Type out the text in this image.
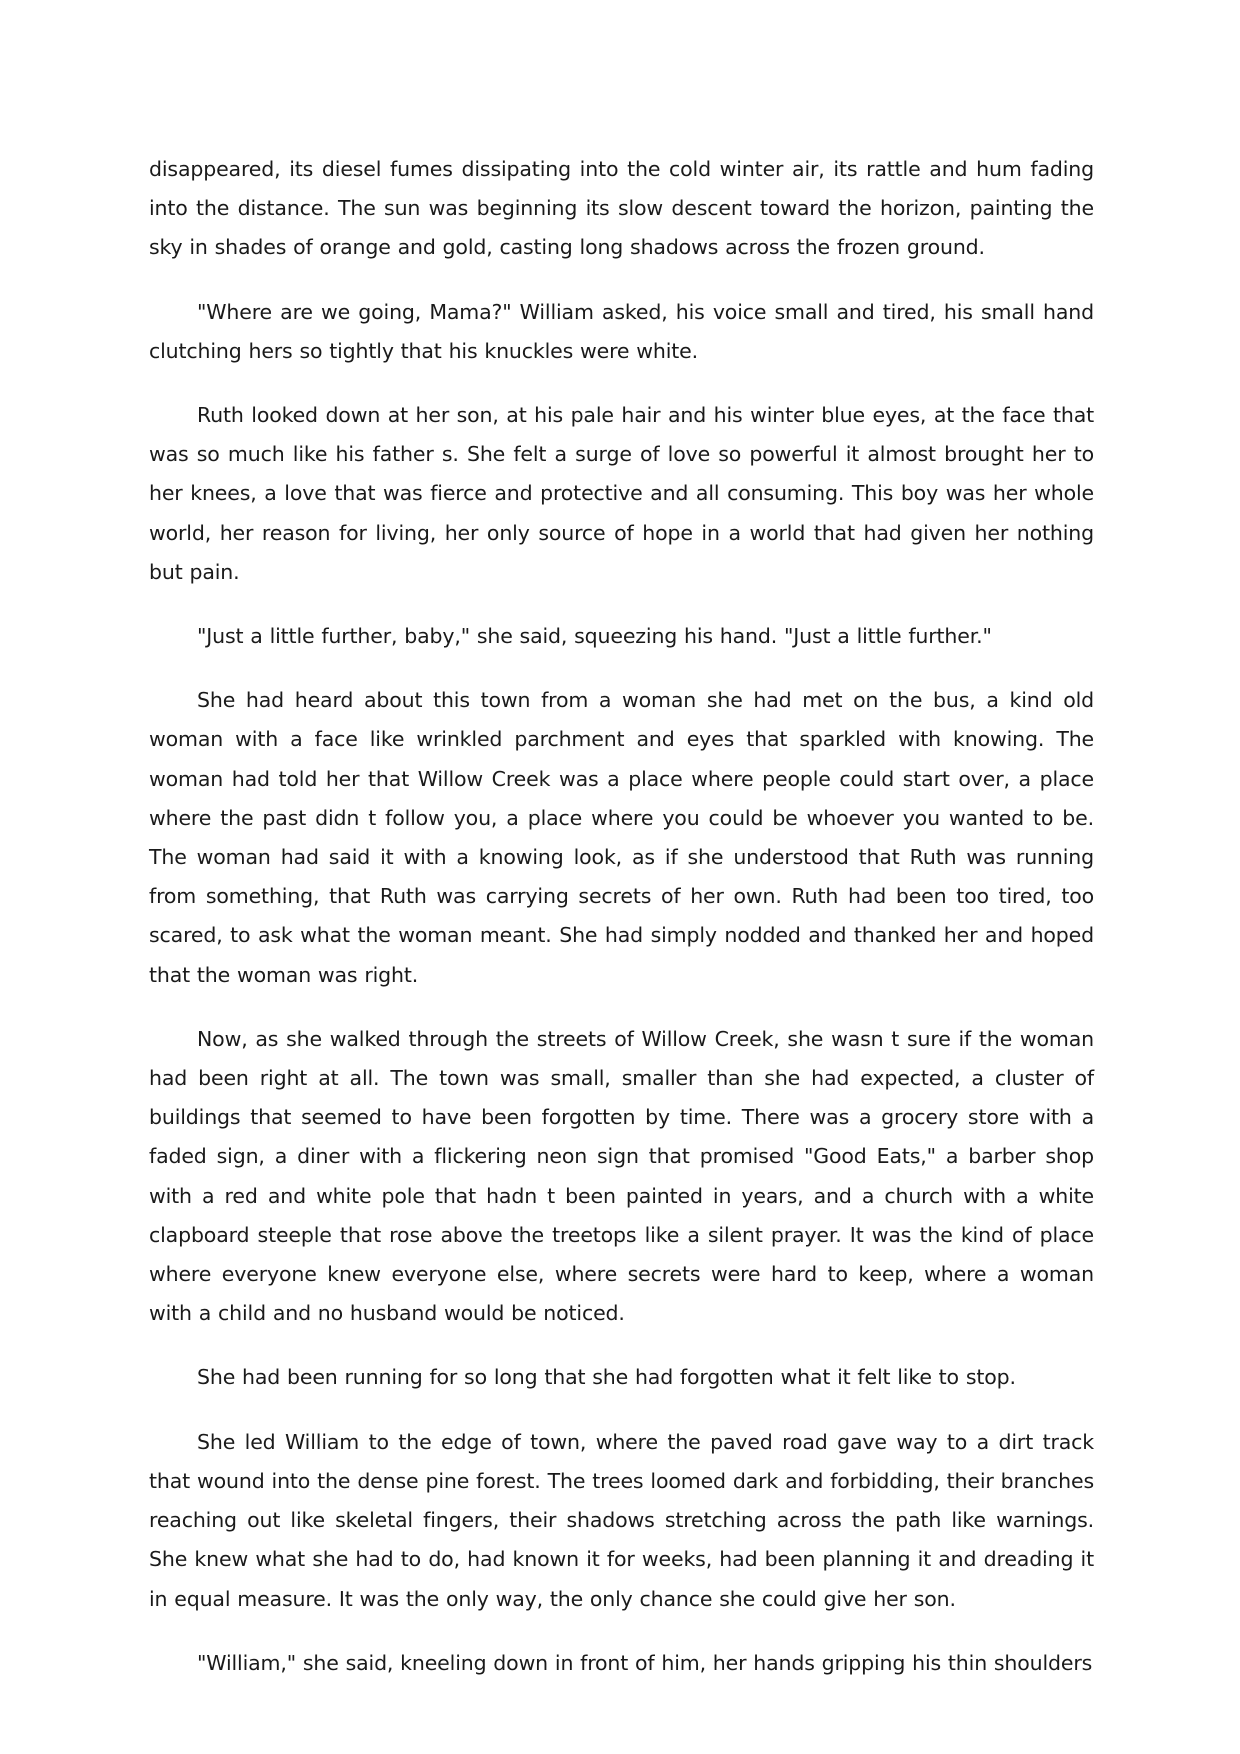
disappeared, its diesel fumes dissipating into the cold winter air, its rattle and hum fading into the distance. The sun was beginning its slow descent toward the horizon, painting the sky in shades of orange and gold, casting long shadows across the frozen ground.

"Where are we going, Mama?" William asked, his voice small and tired, his small hand clutching hers so tightly that his knuckles were white.

Ruth looked down at her son, at his pale hair and his winter blue eyes, at the face that was so much like his father s. She felt a surge of love so powerful it almost brought her to her knees, a love that was fierce and protective and all consuming. This boy was her whole world, her reason for living, her only source of hope in a world that had given her nothing but pain.

"Just a little further, baby," she said, squeezing his hand. "Just a little further."

She had heard about this town from a woman she had met on the bus, a kind old woman with a face like wrinkled parchment and eyes that sparkled with knowing. The woman had told her that Willow Creek was a place where people could start over, a place where the past didn t follow you, a place where you could be whoever you wanted to be. The woman had said it with a knowing look, as if she understood that Ruth was running from something, that Ruth was carrying secrets of her own. Ruth had been too tired, too scared, to ask what the woman meant. She had simply nodded and thanked her and hoped that the woman was right.

Now, as she walked through the streets of Willow Creek, she wasn t sure if the woman had been right at all. The town was small, smaller than she had expected, a cluster of buildings that seemed to have been forgotten by time. There was a grocery store with a faded sign, a diner with a flickering neon sign that promised "Good Eats," a barber shop with a red and white pole that hadn t been painted in years, and a church with a white clapboard steeple that rose above the treetops like a silent prayer. It was the kind of place where everyone knew everyone else, where secrets were hard to keep, where a woman with a child and no husband would be noticed.

She had been running for so long that she had forgotten what it felt like to stop.

She led William to the edge of town, where the paved road gave way to a dirt track that wound into the dense pine forest. The trees loomed dark and forbidding, their branches reaching out like skeletal fingers, their shadows stretching across the path like warnings. She knew what she had to do, had known it for weeks, had been planning it and dreading it in equal measure. It was the only way, the only chance she could give her son.

"William," she said, kneeling down in front of him, her hands gripping his thin shoulders
